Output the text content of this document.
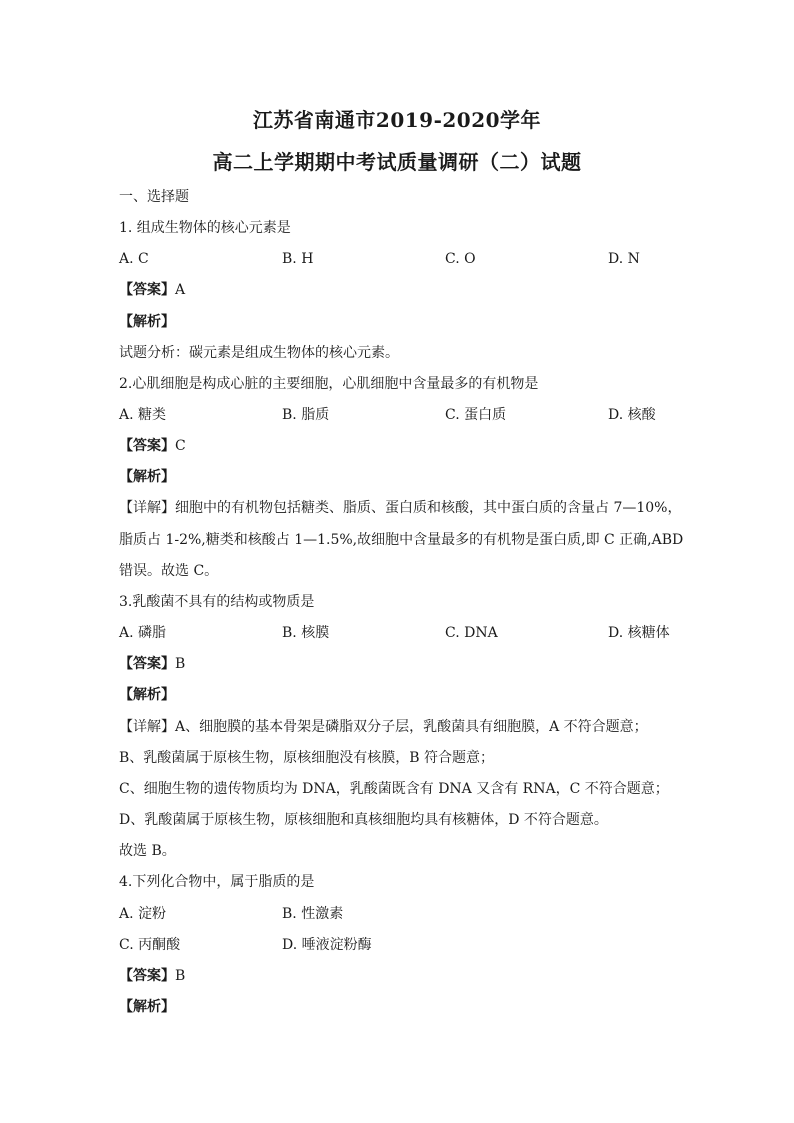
江苏省南通市2019-2020学年
高二上学期期中考试质量调研（二）试题
一、选择题
1. 组成生物体的核心元素是
A. C	B. H	C. O	D. N
【答案】A
【解析】
试题分析：碳元素是组成生物体的核心元素。
2.心肌细胞是构成心脏的主要细胞，心肌细胞中含量最多的有机物是
A. 糖类	B. 脂质	C. 蛋白质	D. 核酸
【答案】C
【解析】
【详解】细胞中的有机物包括糖类、脂质、蛋白质和核酸，其中蛋白质的含量占 7—10%，
脂质占 1-2%,糖类和核酸占 1—1.5%,故细胞中含量最多的有机物是蛋白质,即 C 正确,ABD
错误。故选 C。
3.乳酸菌不具有的结构或物质是
A. 磷脂	B. 核膜	C. DNA	D. 核糖体
【答案】B
【解析】
【详解】A、细胞膜的基本骨架是磷脂双分子层，乳酸菌具有细胞膜，A 不符合题意；
B、乳酸菌属于原核生物，原核细胞没有核膜，B 符合题意；
C、细胞生物的遗传物质均为 DNA，乳酸菌既含有 DNA 又含有 RNA，C 不符合题意；
D、乳酸菌属于原核生物，原核细胞和真核细胞均具有核糖体，D 不符合题意。
故选 B。
4.下列化合物中，属于脂质的是
A. 淀粉	B. 性激素
C. 丙酮酸	D. 唾液淀粉酶
【答案】B
【解析】
